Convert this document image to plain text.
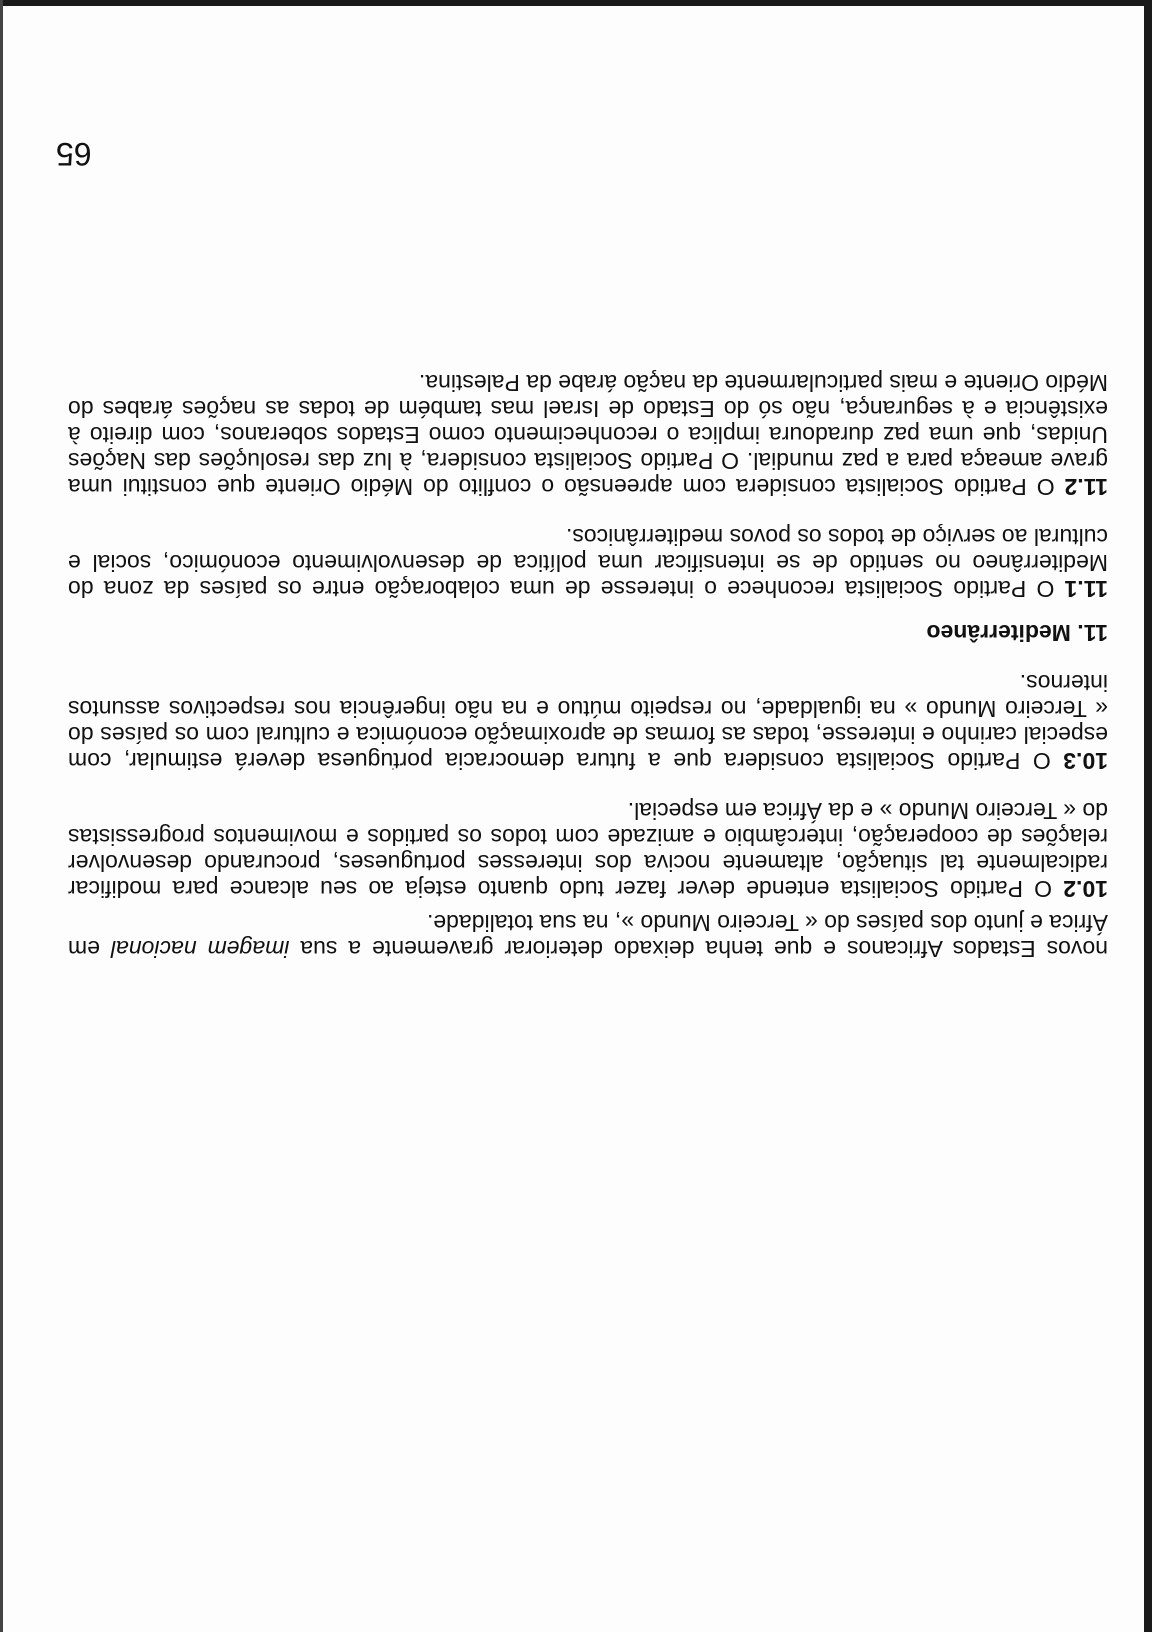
novos Estados Africanos e que tenha deixado deteriorar gravemente a sua imagem nacional em África e junto dos países do « Terceiro Mundo », na sua totalidade.

10.2 O Partido Socialista entende dever fazer tudo quanto esteja ao seu alcance para modificar radicalmente tal situação, altamente nociva dos interesses portugueses, procurando desenvolver relações de cooperação, intercâmbio e amizade com todos os partidos e movimentos progressistas do « Terceiro Mundo » e da África em especial.

10.3 O Partido Socialista considera que a futura democracia portuguesa deverá estimular, com especial carinho e interesse, todas as formas de aproximação económica e cultural com os países do « Terceiro Mundo » na igualdade, no respeito mútuo e na não ingerência nos respectivos assuntos internos.

11. Mediterrâneo

11.1 O Partido Socialista reconhece o interesse de uma colaboração entre os países da zona do Mediterrâneo no sentido de se intensificar uma política de desenvolvimento económico, social e cultural ao serviço de todos os povos mediterrânicos.

11.2 O Partido Socialista considera com apreensão o conflito do Médio Oriente que constitui uma grave ameaça para a paz mundial. O Partido Socialista considera, à luz das resoluções das Nações Unidas, que uma paz duradoura implica o reconhecimento como Estados soberanos, com direito à existência e à segurança, não só do Estado de Israel mas também de todas as nações árabes do Médio Oriente e mais particularmente da nação árabe da Palestina.

65
